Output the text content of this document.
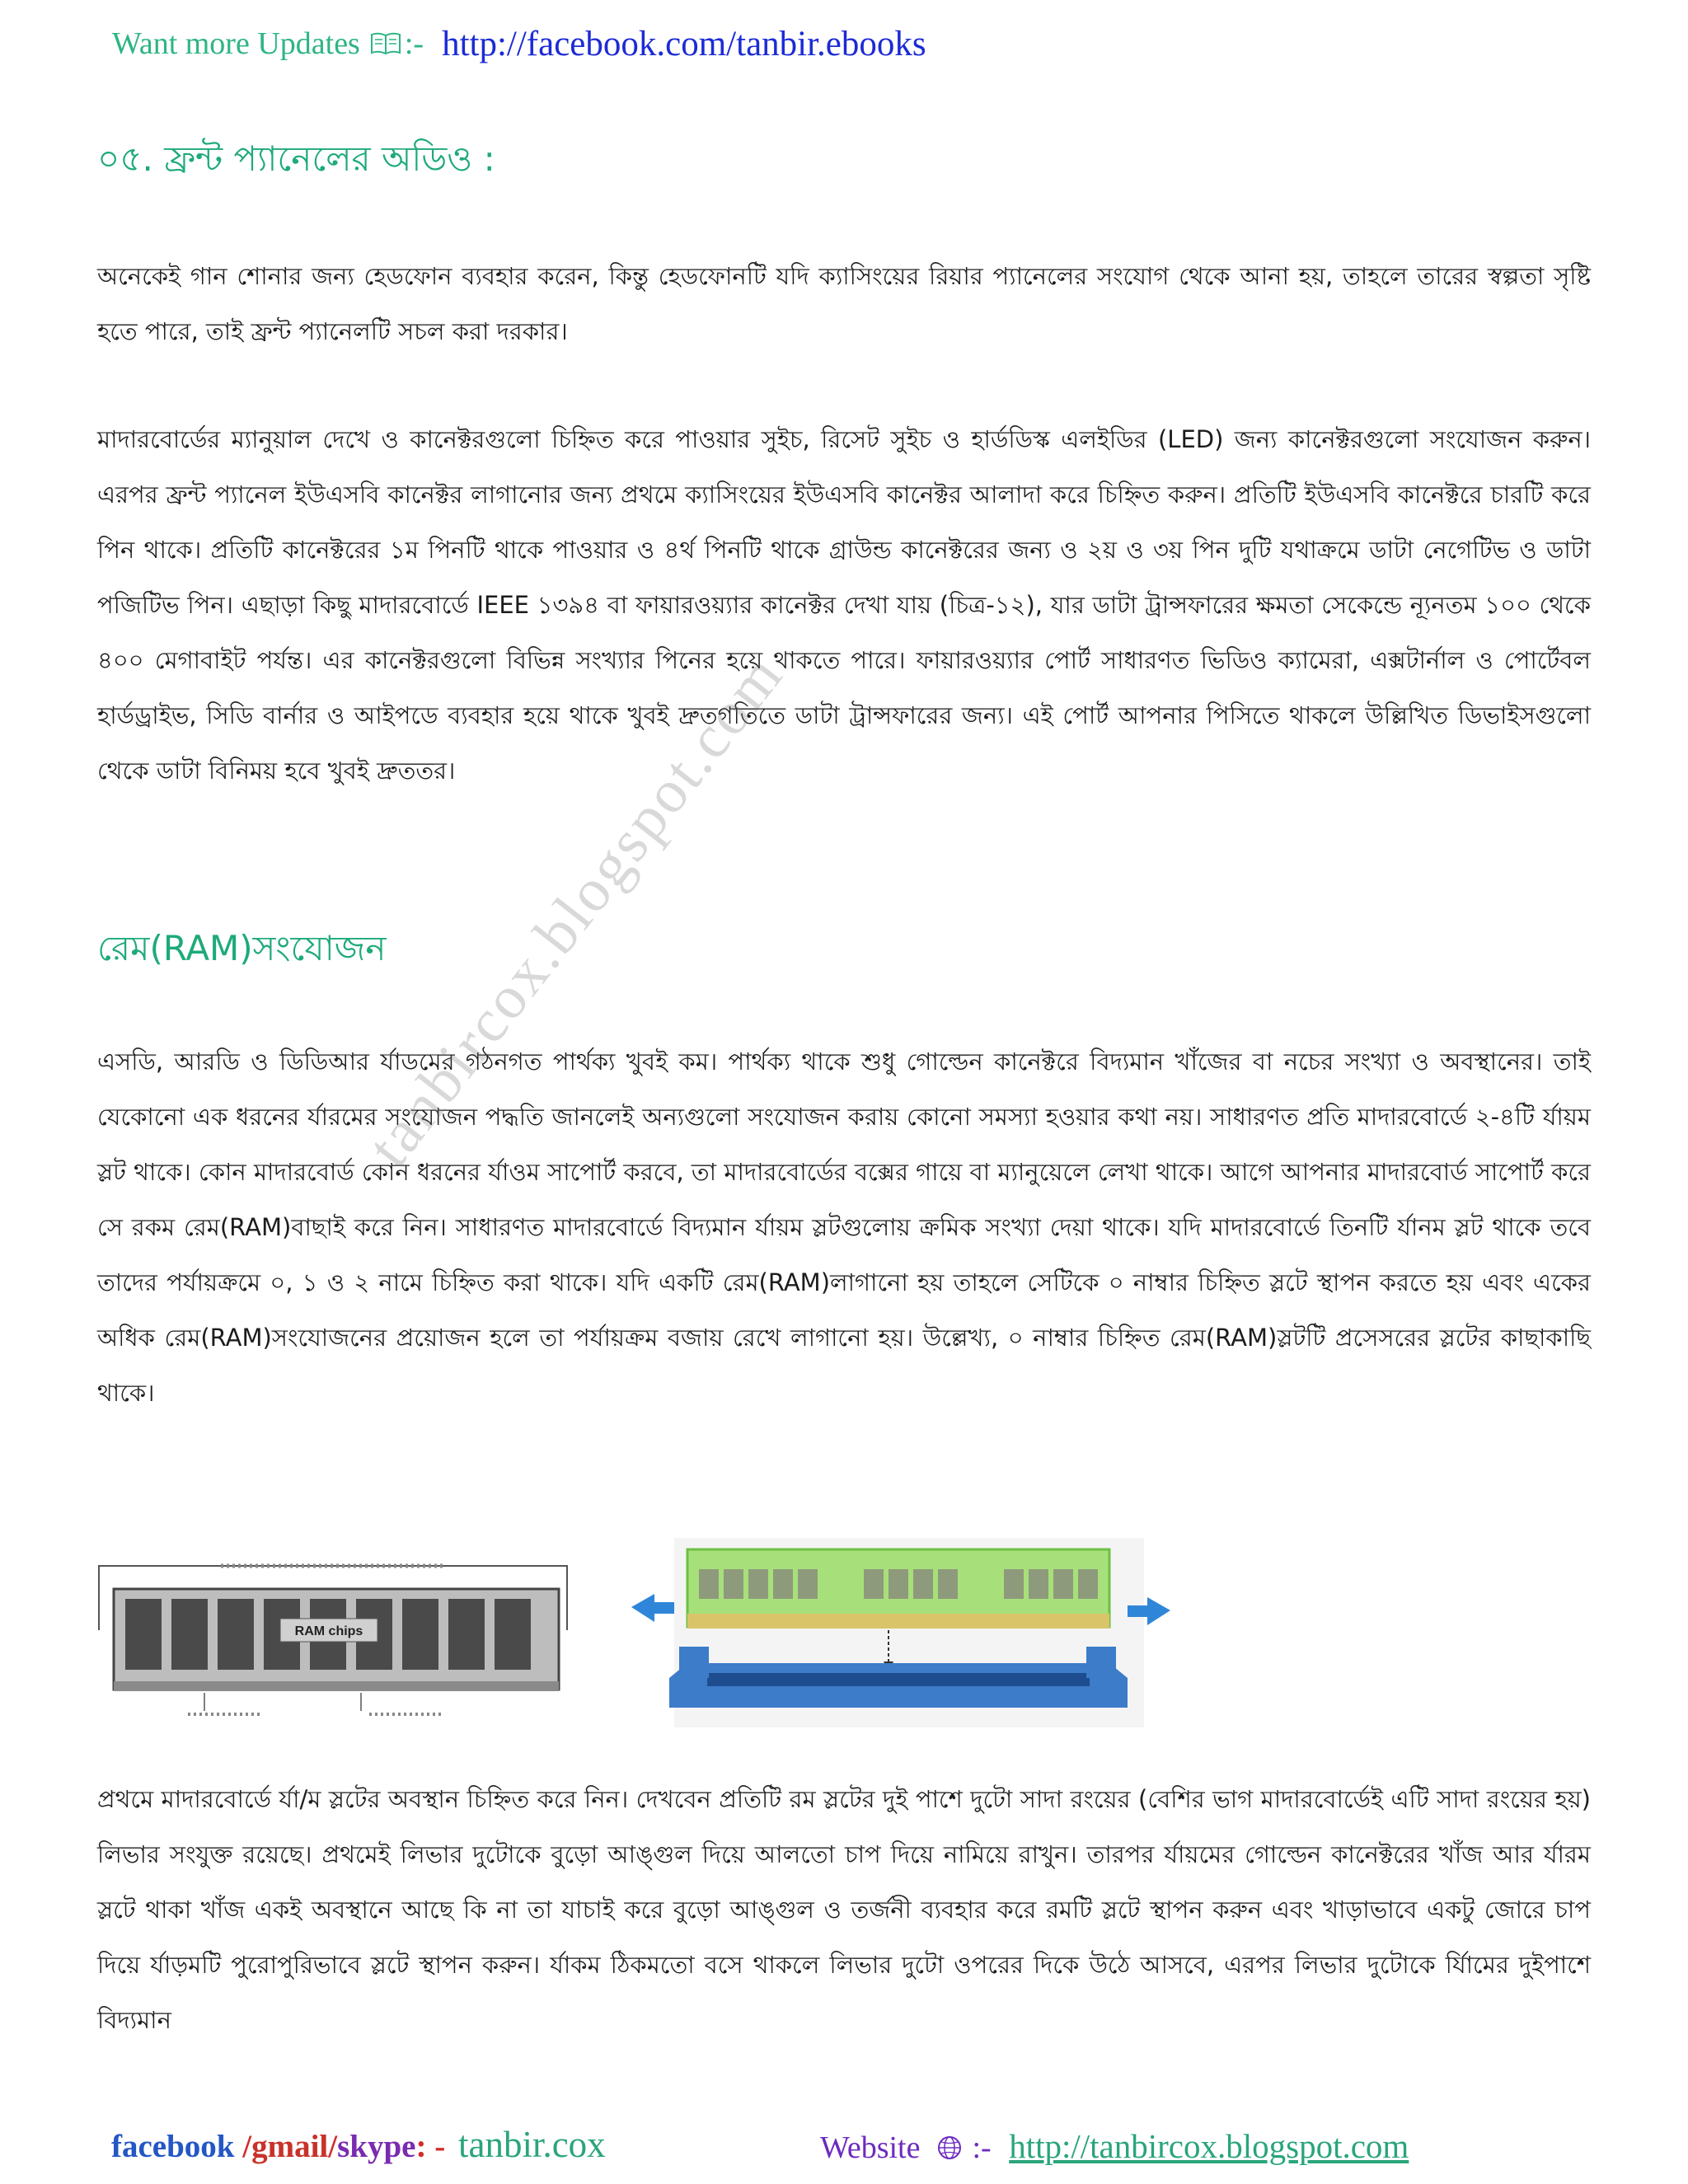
Want more Updates :- http://facebook.com/tanbir.ebooks
০৫. ফ্রন্ট প্যানেলের অডিও :

অনেকেই গান শোনার জন্য হেডফোন ব্যবহার করেন, কিন্তু হেডফোনটি যদি ক্যাসিংয়ের রিয়ার প্যানেলের সংযোগ থেকে আনা হয়, তাহলে তারের স্বল্পতা সৃষ্টি হতে পারে, তাই ফ্রন্ট প্যানেলটি সচল করা দরকার।

মাদারবোর্ডের ম্যানুয়াল দেখে ও কানেক্টরগুলো চিহ্নিত করে পাওয়ার সুইচ, রিসেট সুইচ ও হার্ডডিস্ক এলইডির (LED) জন্য কানেক্টরগুলো সংযোজন করুন। এরপর ফ্রন্ট প্যানেল ইউএসবি কানেক্টর লাগানোর জন্য প্রথমে ক্যাসিংয়ের ইউএসবি কানেক্টর আলাদা করে চিহ্নিত করুন। প্রতিটি ইউএসবি কানেক্টরে চারটি করে পিন থাকে। প্রতিটি কানেক্টরের ১ম পিনটি থাকে পাওয়ার ও ৪র্থ পিনটি থাকে গ্রাউন্ড কানেক্টরের জন্য ও ২য় ও ৩য় পিন দুটি যথাক্রমে ডাটা নেগেটিভ ও ডাটা পজিটিভ পিন। এছাড়া কিছু মাদারবোর্ডে IEEE ১৩৯৪ বা ফায়ারওয়্যার কানেক্টর দেখা যায় (চিত্র-১২), যার ডাটা ট্রান্সফারের ক্ষমতা সেকেন্ডে ন্যূনতম ১০০ থেকে ৪০০ মেগাবাইট পর্যন্ত। এর কানেক্টরগুলো বিভিন্ন সংখ্যার পিনের হয়ে থাকতে পারে। ফায়ারওয়্যার পোর্ট সাধারণত ভিডিও ক্যামেরা, এক্সটার্নাল ও পোর্টেবল হার্ডড্রাইভ, সিডি বার্নার ও আইপডে ব্যবহার হয়ে থাকে খুবই দ্রুতগতিতে ডাটা ট্রান্সফারের জন্য। এই পোর্ট আপনার পিসিতে থাকলে উল্লিখিত ডিভাইসগুলো থেকে ডাটা বিনিময় হবে খুবই দ্রুততর।

রেম(RAM)সংযোজন

এসডি, আরডি ও ডিডিআর র্যাডমের গঠনগত পার্থক্য খুবই কম। পার্থক্য থাকে শুধু গোল্ডেন কানেক্টরে বিদ্যমান খাঁজের বা নচের সংখ্যা ও অবস্থানের। তাই যেকোনো এক ধরনের র্যারমের সংযোজন পদ্ধতি জানলেই অন্যগুলো সংযোজন করায় কোনো সমস্যা হওয়ার কথা নয়। সাধারণত প্রতি মাদারবোর্ডে ২-৪টি র্যায়ম স্লট থাকে। কোন মাদারবোর্ড কোন ধরনের র্যাওম সাপোর্ট করবে, তা মাদারবোর্ডের বক্সের গায়ে বা ম্যানুয়েলে লেখা থাকে। আগে আপনার মাদারবোর্ড সাপোর্ট করে সে রকম রেম(RAM)বাছাই করে নিন। সাধারণত মাদারবোর্ডে বিদ্যমান র্যায়ম স্লটগুলোয় ক্রমিক সংখ্যা দেয়া থাকে। যদি মাদারবোর্ডে তিনটি র্যানম স্লট থাকে তবে তাদের পর্যায়ক্রমে ০, ১ ও ২ নামে চিহ্নিত করা থাকে। যদি একটি রেম(RAM)লাগানো হয় তাহলে সেটিকে ০ নাম্বার চিহ্নিত স্লটে স্থাপন করতে হয় এবং একের অধিক রেম(RAM)সংযোজনের প্রয়োজন হলে তা পর্যায়ক্রম বজায় রেখে লাগানো হয়। উল্লেখ্য, ০ নাম্বার চিহ্নিত রেম(RAM)স্লটটি প্রসেসরের স্লটের কাছাকাছি থাকে।

tanbircox.blogspot.com
RAM chips

প্রথমে মাদারবোর্ডে র্যা/ম স্লটের অবস্থান চিহ্নিত করে নিন। দেখবেন প্রতিটি রম স্লটের দুই পাশে দুটো সাদা রংয়ের (বেশির ভাগ মাদারবোর্ডেই এটি সাদা রংয়ের হয়) লিভার সংযুক্ত রয়েছে। প্রথমেই লিভার দুটোকে বুড়ো আঙ্গুল দিয়ে আলতো চাপ দিয়ে নামিয়ে রাখুন। তারপর র্যায়মের গোল্ডেন কানেক্টরের খাঁজ আর র্যারম স্লটে থাকা খাঁজ একই অবস্থানে আছে কি না তা যাচাই করে বুড়ো আঙ্গুল ও তর্জনী ব্যবহার করে রমটি স্লটে স্থাপন করুন এবং খাড়াভাবে একটু জোরে চাপ দিয়ে র্যাড়মটি পুরোপুরিভাবে স্লটে স্থাপন করুন। র্যাকম ঠিকমতো বসে থাকলে লিভার দুটো ওপরের দিকে উঠে আসবে, এরপর লিভার দুটোকে র্যািমের দুইপাশে বিদ্যমান

facebook /gmail/skype: - tanbir.cox	Website :- http://tanbircox.blogspot.com
